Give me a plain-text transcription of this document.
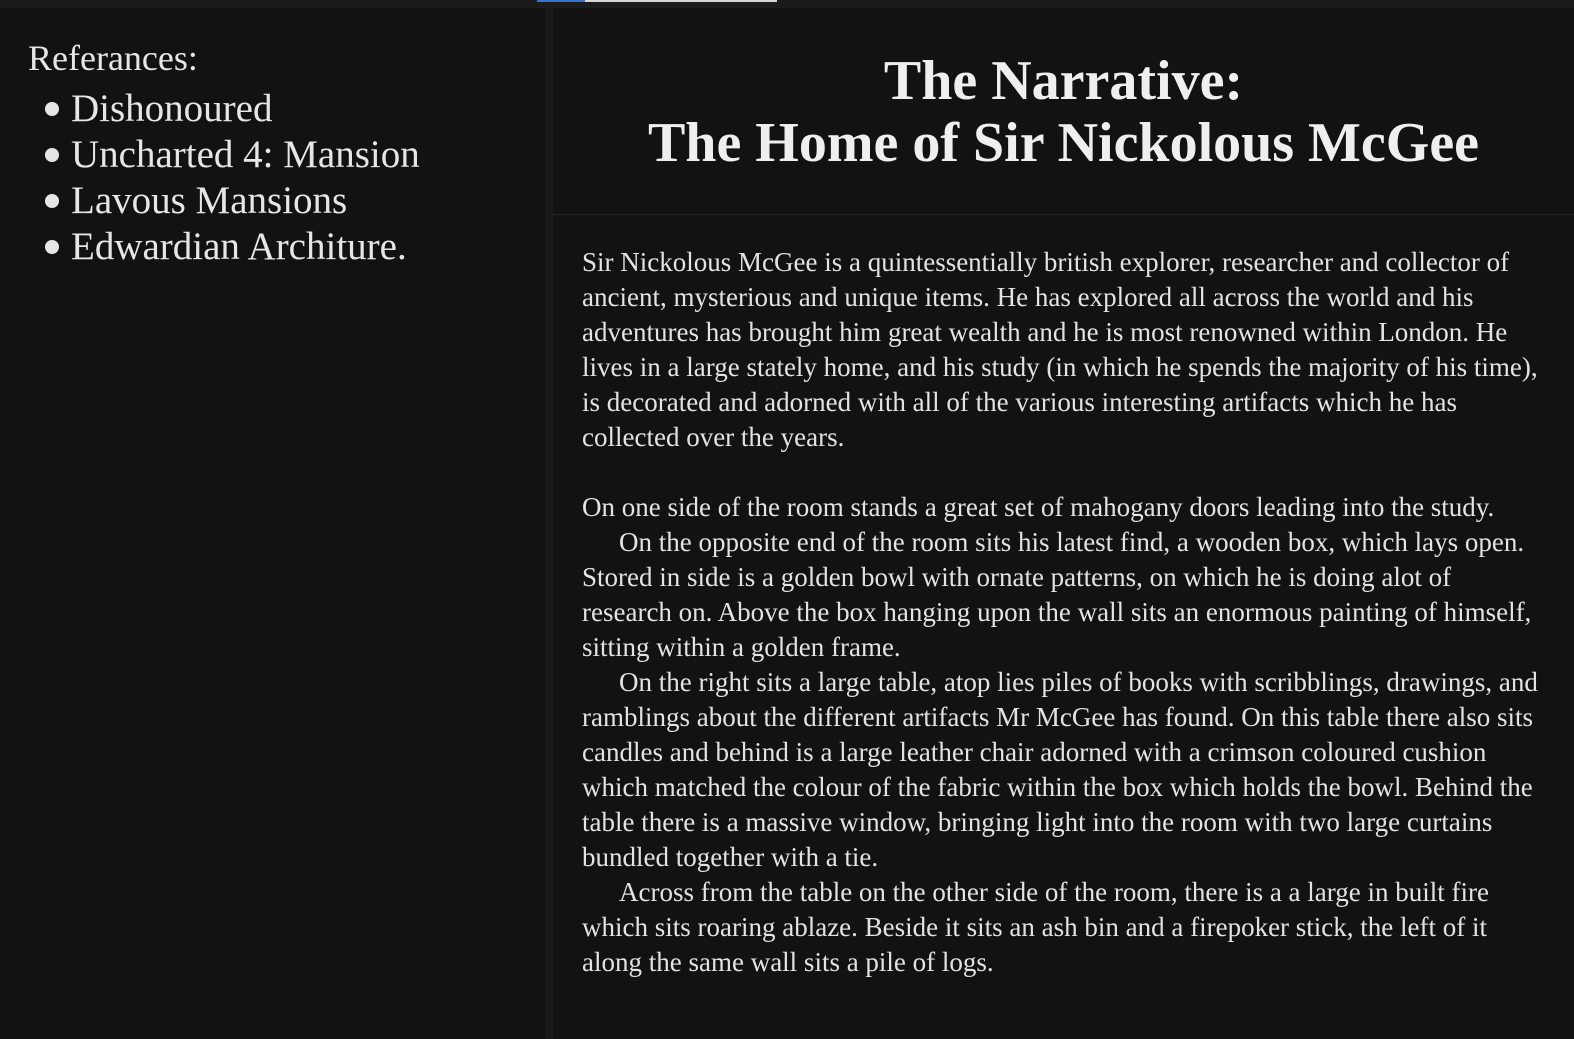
Referances:
Dishonoured
Uncharted 4: Mansion
Lavous Mansions
Edwardian Architure.
The Narrative:
The Home of Sir Nickolous McGee

Sir Nickolous McGee is a quintessentially british explorer, researcher and collector of ancient, mysterious and unique items. He has explored all across the world and his adventures has brought him great wealth and he is most renowned within London. He lives in a large stately home, and his study (in which he spends the majority of his time), is decorated and adorned with all of the various interesting artifacts which he has collected over the years.

On one side of the room stands a great set of mahogany doors leading into the study.

On the opposite end of the room sits his latest find, a wooden box, which lays open. Stored in side is a golden bowl with ornate patterns, on which he is doing alot of research on. Above the box hanging upon the wall sits an enormous painting of himself, sitting within a golden frame.

On the right sits a large table, atop lies piles of books with scribblings, drawings, and ramblings about the different artifacts Mr McGee has found. On this table there also sits candles and behind is a large leather chair adorned with a crimson coloured cushion which matched the colour of the fabric within the box which holds the bowl. Behind the table there is a massive window, bringing light into the room with two large curtains bundled together with a tie.

Across from the table on the other side of the room, there is a a large in built fire which sits roaring ablaze. Beside it sits an ash bin and a firepoker stick, the left of it along the same wall sits a pile of logs.
